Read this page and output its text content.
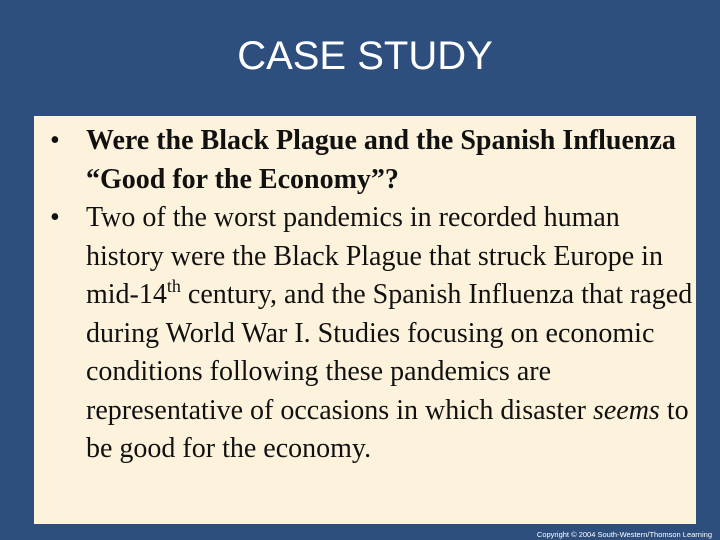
CASE STUDY
• Were the Black Plague and the Spanish Influenza “Good for the Economy”?
• Two of the worst pandemics in recorded human history were the Black Plague that struck Europe in mid-14th century, and the Spanish Influenza that raged during World War I. Studies focusing on economic conditions following these pandemics are representative of occasions in which disaster seems to be good for the economy.
Copyright © 2004 South-Western/Thomson Learning
